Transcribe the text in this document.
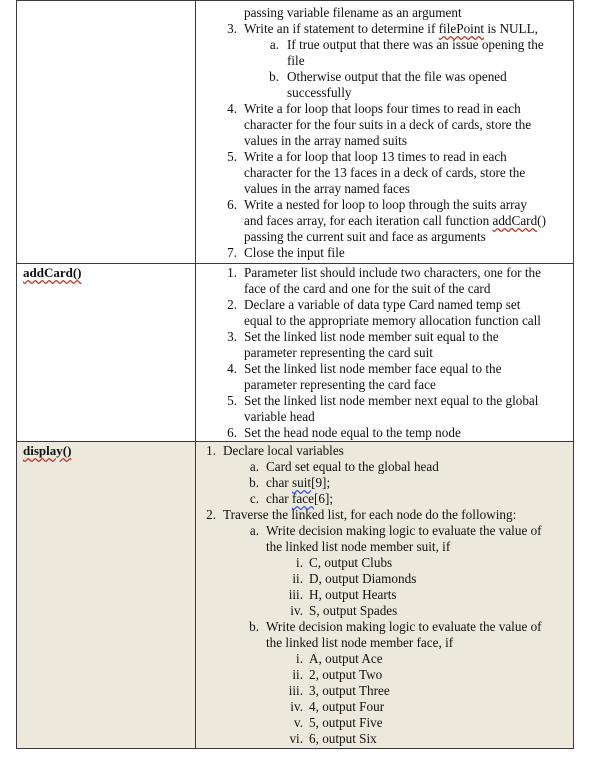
passing variable filename as an argument
3. Write an if statement to determine if filePoint is NULL,
a. If true output that there was an issue opening the
file
b. Otherwise output that the file was opened
successfully
4. Write a for loop that loops four times to read in each
character for the four suits in a deck of cards, store the
values in the array named suits
5. Write a for loop that loop 13 times to read in each
character for the 13 faces in a deck of cards, store the
values in the array named faces
6. Write a nested for loop to loop through the suits array
and faces array, for each iteration call function addCard()
passing the current suit and face as arguments
7. Close the input file
addCard()	1. Parameter list should include two characters, one for the
face of the card and one for the suit of the card
2. Declare a variable of data type Card named temp set
equal to the appropriate memory allocation function call
3. Set the linked list node member suit equal to the
parameter representing the card suit
4. Set the linked list node member face equal to the
parameter representing the card face
5. Set the linked list node member next equal to the global
variable head
6. Set the head node equal to the temp node
display()	1. Declare local variables
a. Card set equal to the global head
b. char suit[9];
c. char face[6];
2. Traverse the linked list, for each node do the following:
a. Write decision making logic to evaluate the value of
the linked list node member suit, if
i. C, output Clubs
ii. D, output Diamonds
iii. H, output Hearts
iv. S, output Spades
b. Write decision making logic to evaluate the value of
the linked list node member face, if
i. A, output Ace
ii. 2, output Two
iii. 3, output Three
iv. 4, output Four
v. 5, output Five
vi. 6, output Six
